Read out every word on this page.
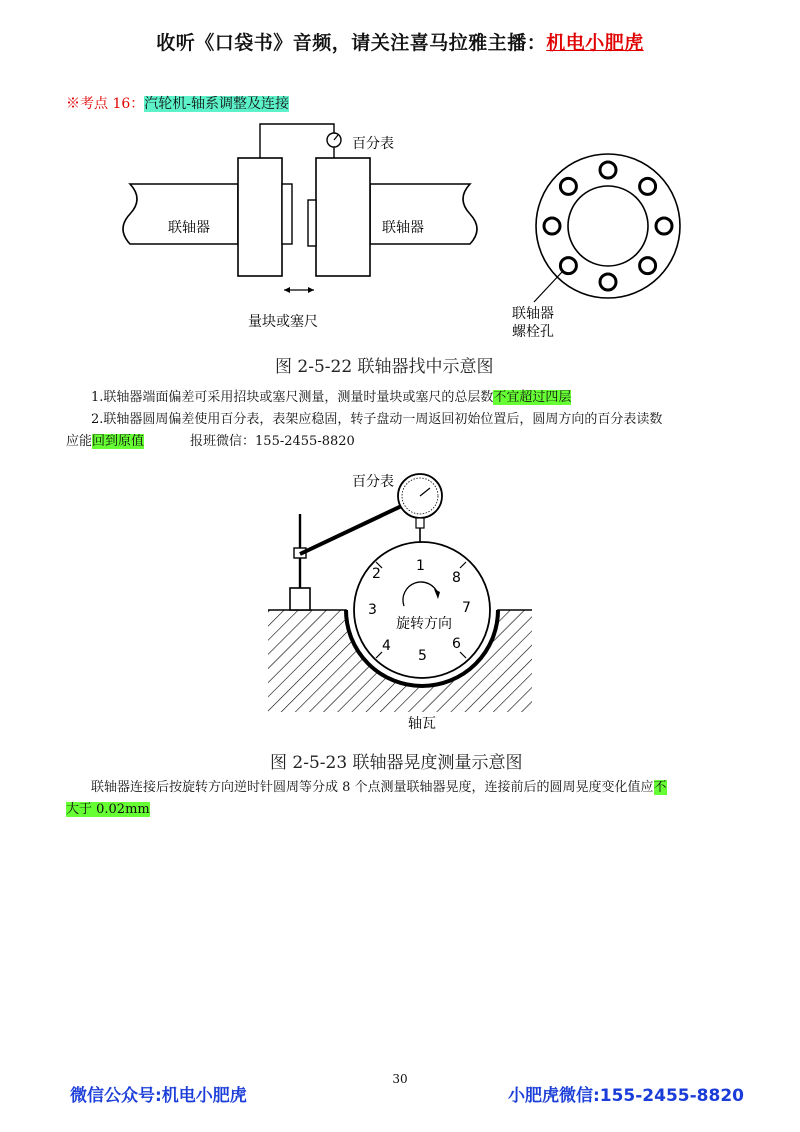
收听《口袋书》音频，请关注喜马拉雅主播：机电小肥虎
※考点 16：汽轮机-轴系调整及连接
百分表
量块或塞尺
联轴器	联轴器
联轴器
螺栓孔
图 2-5-22 联轴器找中示意图
1.联轴器端面偏差可采用招块或塞尺测量，测量时量块或塞尺的总层数不宜超过四层
2.联轴器圆周偏差使用百分表，表架应稳固，转子盘动一周返回初始位置后，圆周方向的百分表读数
应能回到原值	报班微信：155-2455-8820
1
2
3
4
5
6
7
8
旋转方向
百分表
轴瓦
图 2-5-23 联轴器晃度测量示意图
联轴器连接后按旋转方向逆时针圆周等分成 8 个点测量联轴器晃度，连接前后的圆周晃度变化值应不
大于 0.02mm
30
微信公众号:机电小肥虎	小肥虎微信:155-2455-8820
